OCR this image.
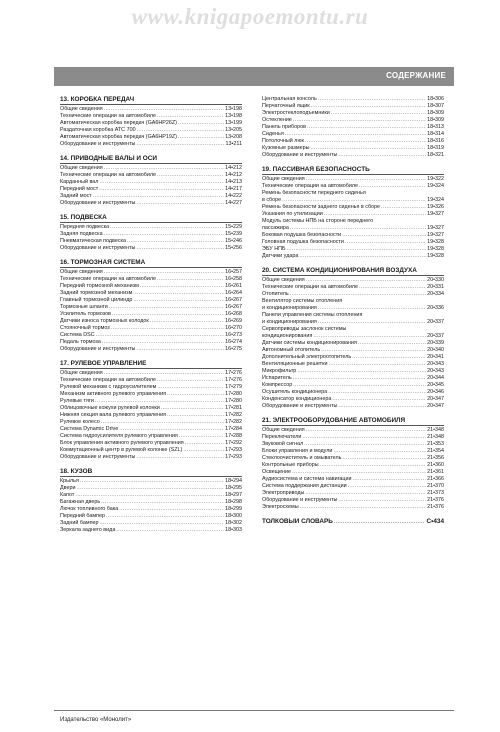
www.knigapoemontu.ru
СОДЕРЖАНИЕ
13. КОРОБКА ПЕРЕДАЧ
Общие сведения .....	13•198
Технические операции на автомобиле .....	13•198
Автоматическая коробка передач (GA6HP26Z) .....	13•199
Раздаточная коробка ATC 700 .....	13•205
Автоматическая коробка передач (GA6HP19Z) .....	13•208
Оборудование и инструменты .....	13•211
14. ПРИВОДНЫЕ ВАЛЫ И ОСИ
Общие сведения .....	14•212
Технические операции на автомобиле .....	14•212
Карданный вал .....	14•213
Передний мост .....	14•217
Задний мост .....	14•222
Оборудование и инструменты .....	14•227
15. ПОДВЕСКА
Передняя подвеска .....	15•229
Задняя подвеска .....	15•239
Пневматическая подвеска .....	15•246
Оборудование и инструменты .....	15•256
16. ТОРМОЗНАЯ СИСТЕМА
Общие сведения .....	16•257
Технические операции на автомобиле .....	16•258
Передний тормозной механизм .....	16•261
Задний тормозной механизм .....	16•264
Главный тормозной цилиндр .....	16•267
Тормозные шланги .....	16•267
Усилитель тормозов .....	16•268
Датчики износа тормозных колодок .....	16•269
Стояночный тормоз .....	16•270
Система DSC .....	16•273
Педаль тормоза .....	16•274
Оборудование и инструменты .....	16•275
17. РУЛЕВОЕ УПРАВЛЕНИЕ
Общие сведения .....	17•276
Технические операции на автомобиле .....	17•276
Рулевой механизм с гидроусилителем .....	17•279
Механизм активного рулевого управления .....	17•280
Рулевые тяги .....	17•280
Облицовочные кожухи рулевой колонки .....	17•281
Нижняя секция вала рулевого управления .....	17•282
Рулевое колесо .....	17•282
Система Dynamic Drive .....	17•284
Система гидроусилителя рулевого управления .....	17•288
Блок управления активного рулевого управления .....	17•292
Коммутационный центр в рулевой колонке (SZL) .....	17•293
Оборудование и инструменты .....	17•293
18. КУЗОВ
Крылья .....	18•294
Двери .....	18•295
Капот .....	18•297
Багажная дверь .....	18•298
Лючок топливного бака .....	18•299
Передний бампер .....	18•300
Задний бампер .....	18•302
Зеркала заднего вида .....	18•303
Центральная консоль .....	18•306
Перчаточный ящик .....	18•307
Электростеклоподъемники .....	18•309
Остекление .....	18•309
Панель приборов .....	18•313
Сиденья .....	18•314
Потолочный люк .....	18•316
Кузовные размеры .....	18•319
Оборудование и инструменты .....	18•321
19. ПАССИВНАЯ БЕЗОПАСНОСТЬ
Общие сведения .....	19•322
Технические операции на автомобиле .....	19•324
Ремень безопасности переднего сиденья
в сборе .....	19•324
Ремень безопасности заднего сиденья в сборе .....	19•326
Указания по утилизации .....	19•327
Модуль системы НПБ на стороне переднего
пассажира .....	19•327
Боковая подушка безопасности .....	19•327
Головная подушка безопасности .....	19•328
ЭБУ НПБ .....	19•328
Датчики удара .....	19•328
20. СИСТЕМА КОНДИЦИОНИРОВАНИЯ ВОЗДУХА
Общие сведения .....	20•330
Технические операции на автомобиле .....	20•331
Отопитель .....	20•334
Вентилятор системы отопления
и кондиционирования .....	20•336
Панели управления системы отопления
и кондиционирования .....	20•337
Сервоприводы заслонок системы
кондиционирования .....	20•337
Датчики системы кондиционирования .....	20•339
Автономный отопитель .....	20•340
Дополнительный электроотопитель .....	20•341
Вентиляционные решетки .....	20•343
Микрофильтр .....	20•343
Испаритель .....	20•344
Компрессор .....	20•345
Осушитель кондиционера .....	20•346
Конденсатор кондиционера .....	20•347
Оборудование и инструменты .....	20•347
21. ЭЛЕКТРООБОРУДОВАНИЕ АВТОМОБИЛЯ
Общие сведения .....	21•348
Переключатели .....	21•348
Звуковой сигнал .....	21•353
Блоки управления и модули .....	21•354
Стеклоочиститель и омыватель .....	21•356
Контрольные приборы .....	21•360
Освещение .....	21•361
Аудиосистема и система навигации .....	21•366
Система поддержания дистанции .....	21•370
Электроприводы .....	21•373
Оборудование и инструменты .....	21•376
Электросхемы .....	21•376
ТОЛКОВЫЙ СЛОВАРЬ .....	С•434
Издательство «Монолит»
